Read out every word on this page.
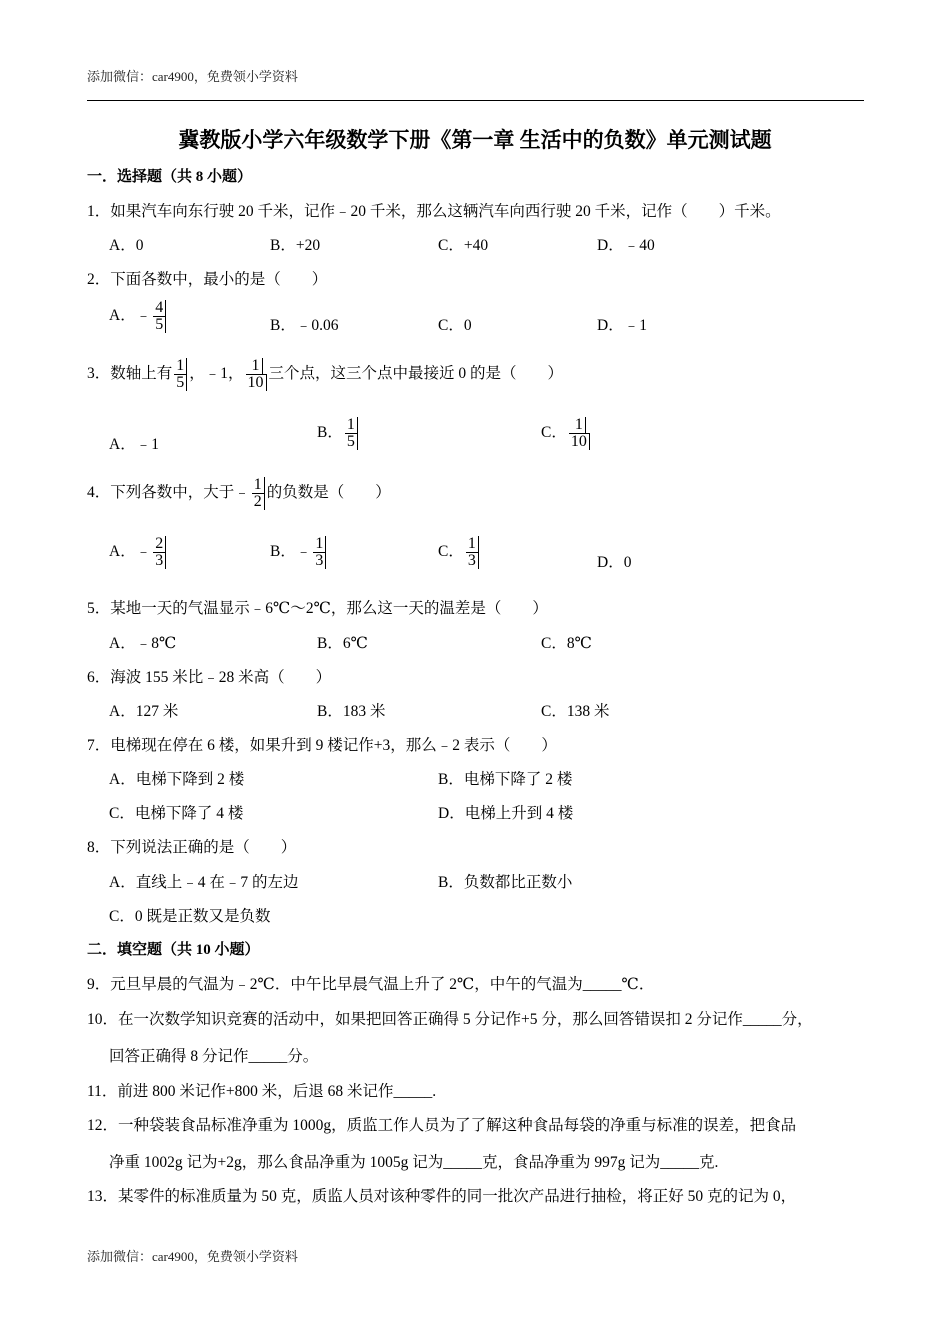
添加微信：car4900，免费领小学资料
冀教版小学六年级数学下册《第一章 生活中的负数》单元测试题
一．选择题（共 8 小题）
1．如果汽车向东行驶 20 千米，记作﹣20 千米，那么这辆汽车向西行驶 20 千米，记作（　　）千米。
A．0	B．+20	C．+40	D．﹣40
2．下面各数中，最小的是（　　）
A．﹣ $\frac{4}{5}$	B．﹣0.06	C．0	D．﹣1
3．数轴上有 $\frac{1}{5}$ ，﹣1， $\frac{1}{10}$ 三个点，这三个点中最接近 0 的是（　　）
A．﹣1
B． $\frac{1}{5}$	C． $\frac{1}{10}$
4．下列各数中，大于﹣ $\frac{1}{2}$ 的负数是（　　）
A．﹣ $\frac{2}{3}$	B．﹣ $\frac{1}{3}$	C． $\frac{1}{3}$	D．0
5．某地一天的气温显示﹣6℃～2℃，那么这一天的温差是（　　）
A．﹣8℃	B．6℃	C．8℃
6．海波 155 米比﹣28 米高（　　）
A．127 米	B．183 米	C．138 米
7．电梯现在停在 6 楼，如果升到 9 楼记作+3，那么﹣2 表示（　　）
A．电梯下降到 2 楼	B．电梯下降了 2 楼
C．电梯下降了 4 楼	D．电梯上升到 4 楼
8．下列说法正确的是（　　）
A．直线上﹣4 在﹣7 的左边	B．负数都比正数小
C．0 既是正数又是负数
二．填空题（共 10 小题）
9．元旦早晨的气温为﹣2℃．中午比早晨气温上升了 2℃，中午的气温为_____℃．
10．在一次数学知识竞赛的活动中，如果把回答正确得 5 分记作+5 分，那么回答错误扣 2 分记作_____分，
回答正确得 8 分记作_____分。
11．前进 800 米记作+800 米，后退 68 米记作_____.
12．一种袋装食品标准净重为 1000g，质监工作人员为了了解这种食品每袋的净重与标准的误差，把食品
净重 1002g 记为+2g，那么食品净重为 1005g 记为_____克，食品净重为 997g 记为_____克.
13．某零件的标准质量为 50 克，质监人员对该种零件的同一批次产品进行抽检，将正好 50 克的记为 0，
添加微信：car4900，免费领小学资料
